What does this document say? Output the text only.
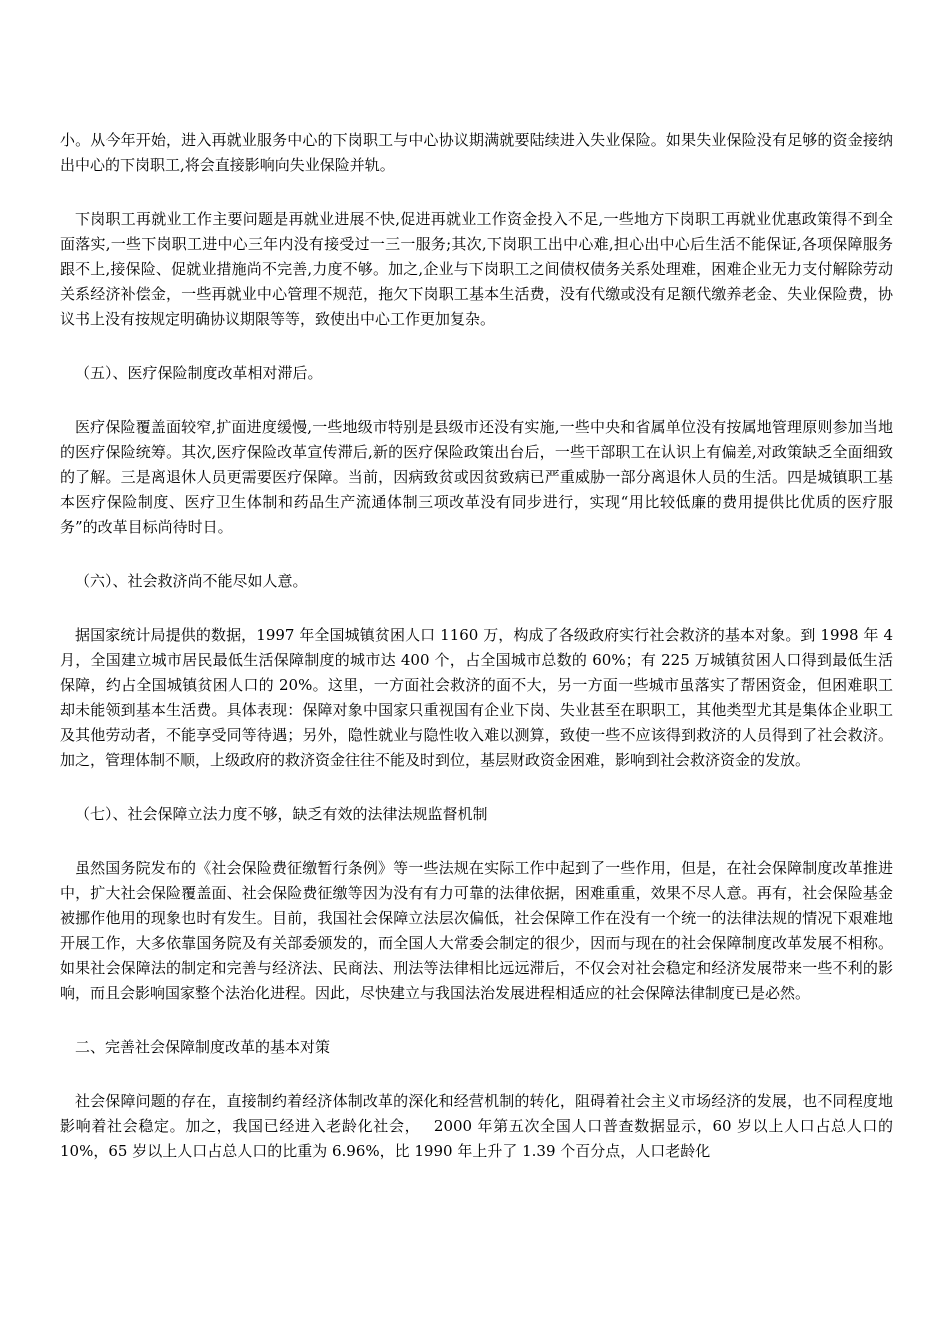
小。从今年开始，进入再就业服务中心的下岗职工与中心协议期满就要陆续进入失业保险。如果失业保险没有足够的资金接纳出中心的下岗职工,将会直接影响向失业保险并轨。

下岗职工再就业工作主要问题是再就业进展不快,促进再就业工作资金投入不足,一些地方下岗职工再就业优惠政策得不到全面落实,一些下岗职工进中心三年内没有接受过一三一服务;其次,下岗职工出中心难,担心出中心后生活不能保证,各项保障服务跟不上,接保险、促就业措施尚不完善,力度不够。加之,企业与下岗职工之间债权债务关系处理难，困难企业无力支付解除劳动关系经济补偿金，一些再就业中心管理不规范，拖欠下岗职工基本生活费，没有代缴或没有足额代缴养老金、失业保险费，协议书上没有按规定明确协议期限等等，致使出中心工作更加复杂。

（五）、医疗保险制度改革相对滞后。

医疗保险覆盖面较窄,扩面进度缓慢,一些地级市特别是县级市还没有实施,一些中央和省属单位没有按属地管理原则参加当地的医疗保险统筹。其次,医疗保险改革宣传滞后,新的医疗保险政策出台后，一些干部职工在认识上有偏差,对政策缺乏全面细致的了解。三是离退休人员更需要医疗保障。当前，因病致贫或因贫致病已严重威胁一部分离退休人员的生活。四是城镇职工基本医疗保险制度、医疗卫生体制和药品生产流通体制三项改革没有同步进行，实现“用比较低廉的费用提供比优质的医疗服务”的改革目标尚待时日。

（六）、社会救济尚不能尽如人意。

据国家统计局提供的数据，1997 年全国城镇贫困人口 1160 万，构成了各级政府实行社会救济的基本对象。到 1998 年 4 月，全国建立城市居民最低生活保障制度的城市达 400 个，占全国城市总数的 60%；有 225 万城镇贫困人口得到最低生活保障，约占全国城镇贫困人口的 20%。这里，一方面社会救济的面不大，另一方面一些城市虽落实了帮困资金，但困难职工却未能领到基本生活费。具体表现：保障对象中国家只重视国有企业下岗、失业甚至在职职工，其他类型尤其是集体企业职工及其他劳动者，不能享受同等待遇；另外，隐性就业与隐性收入难以测算，致使一些不应该得到救济的人员得到了社会救济。加之，管理体制不顺，上级政府的救济资金往往不能及时到位，基层财政资金困难，影响到社会救济资金的发放。

（七）、社会保障立法力度不够，缺乏有效的法律法规监督机制

虽然国务院发布的《社会保险费征缴暂行条例》等一些法规在实际工作中起到了一些作用，但是，在社会保障制度改革推进中，扩大社会保险覆盖面、社会保险费征缴等因为没有有力可靠的法律依据，困难重重，效果不尽人意。再有，社会保险基金被挪作他用的现象也时有发生。目前，我国社会保障立法层次偏低，社会保障工作在没有一个统一的法律法规的情况下艰难地开展工作，大多依靠国务院及有关部委颁发的，而全国人大常委会制定的很少，因而与现在的社会保障制度改革发展不相称。如果社会保障法的制定和完善与经济法、民商法、刑法等法律相比远远滞后，不仅会对社会稳定和经济发展带来一些不利的影响，而且会影响国家整个法治化进程。因此，尽快建立与我国法治发展进程相适应的社会保障法律制度已是必然。

二、完善社会保障制度改革的基本对策

社会保障问题的存在，直接制约着经济体制改革的深化和经营机制的转化，阻碍着社会主义市场经济的发展，也不同程度地影响着社会稳定。加之，我国已经进入老龄化社会，　 2000 年第五次全国人口普查数据显示，60 岁以上人口占总人口的 10%，65 岁以上人口占总人口的比重为 6.96%，比 1990 年上升了 1.39 个百分点，人口老龄化
